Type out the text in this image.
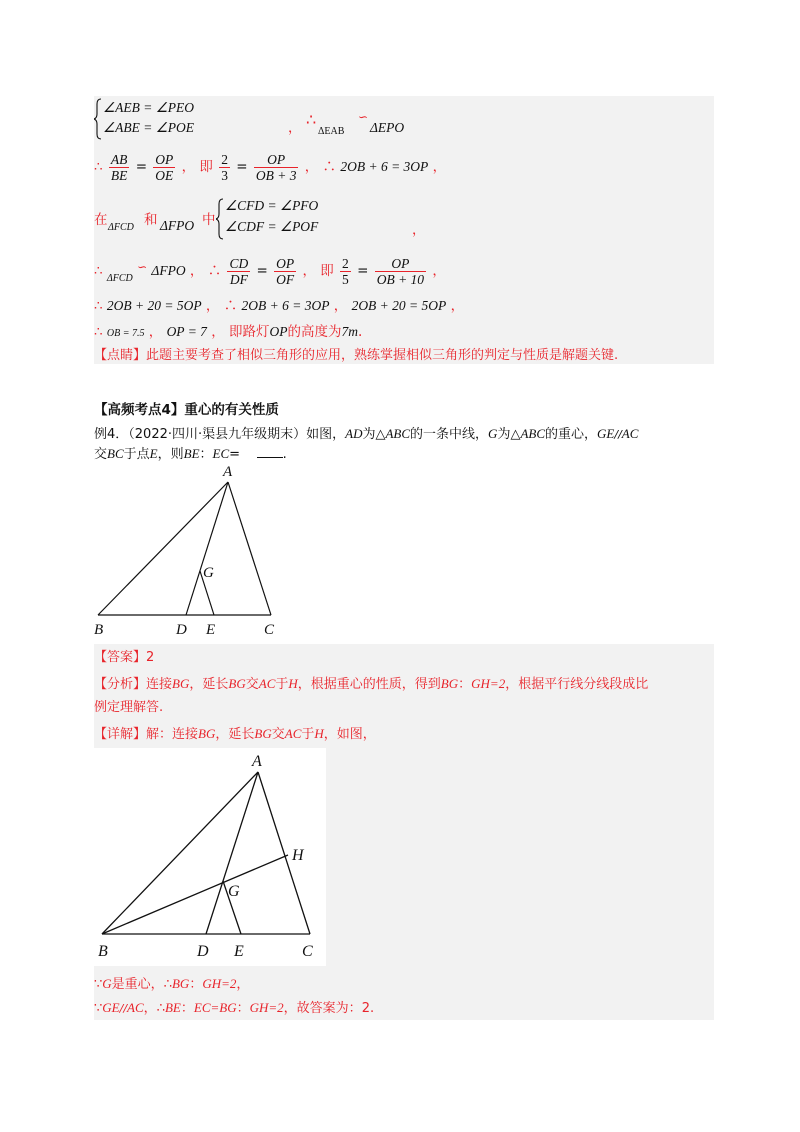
∠AEB = ∠PEO
∠ABE = ∠POE	， ∴
ΔEAB
∽
ΔEPO
∴ $\frac{AB}{BE} = \frac{OP}{OE}$ ， 即 $\frac{2}{3} = \frac{OP}{OB + 3}$ ， ∴ 2OB + 6 = 3OP ，
在 ΔFCD 和 ΔFPO 中
∠CFD = ∠PFO
∠CDF = ∠POF	，
∴ $_{\Delta FCD}$ ∽ ΔFPO ， ∴ $\frac{CD}{DF} = \frac{OP}{OF}$ ， 即 $\frac{2}{5} = \frac{OP}{OB + 10}$ ，
∴ 2OB + 20 = 5OP ， ∴ 2OB + 6 = 3OP ， 2OB + 20 = 5OP ，
∴ OB = 7.5 ， OP = 7 ， 即路灯OP的高度为7m.
【点睛】此题主要考查了相似三角形的应用，熟练掌握相似三角形的判定与性质是解题关键.
【高频考点4】重心的有关性质
例4．（2022·四川·渠县九年级期末）如图，AD为△ABC的一条中线，G为△ABC的重心，GE//AC
交BC于点E，则BE：EC=	.
A
B	C
D E
G
【答案】2
【分析】连接BG，延长BG交AC于H，根据重心的性质，得到BG：GH=2，根据平行线分线段成比
例定理解答.
【详解】解：连接BG，延长BG交AC于H，如图，
A
B	C
D E
G
H
∵G是重心，∴BG：GH=2，
∵GE//AC，∴BE：EC=BG：GH=2，故答案为：2.
